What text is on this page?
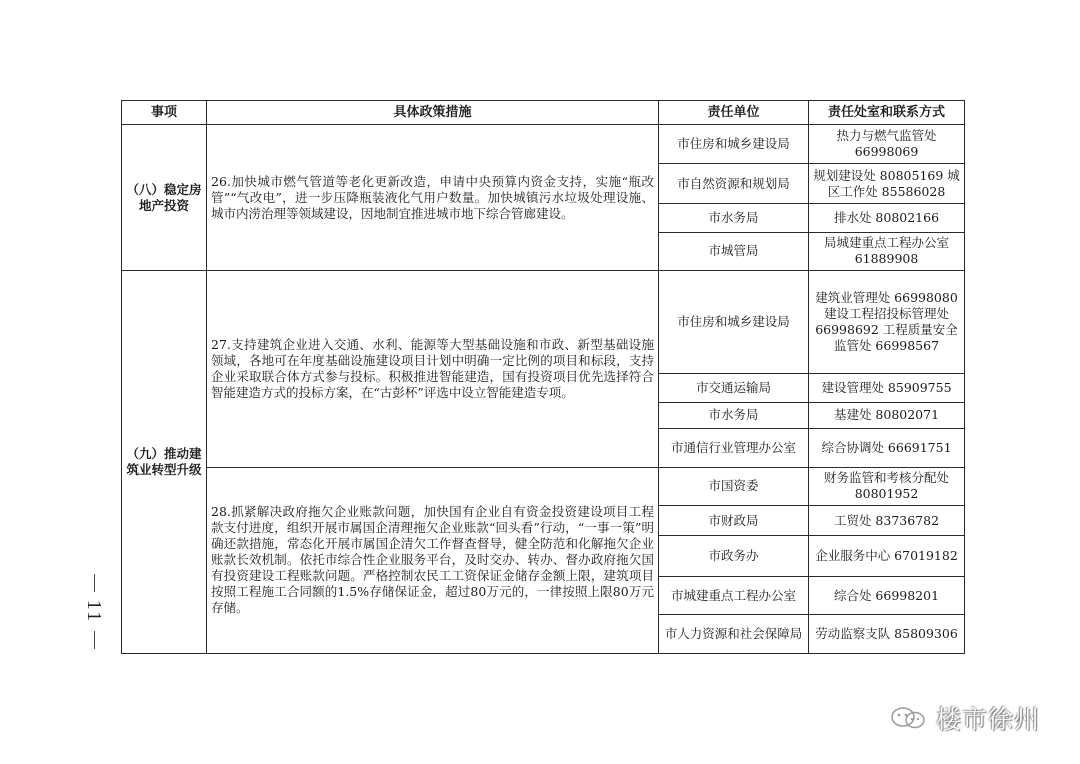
事项	具体政策措施	责任单位	责任处室和联系方式
（八）稳定房地产投资	26.加快城市燃气管道等老化更新改造，申请中央预算内资金支持，实施“瓶改管”“气改电”，进一步压降瓶装液化气用户数量。加快城镇污水垃圾处理设施、城市内涝治理等领域建设，因地制宜推进城市地下综合管廊建设。	市住房和城乡建设局	热力与燃气监管处 66998069
		市自然资源和规划局	规划建设处 80805169 城区工作处 85586028
		市水务局	排水处 80802166
		市城管局	局城建重点工程办公室 61889908
（九）推动建筑业转型升级	27.支持建筑企业进入交通、水利、能源等大型基础设施和市政、新型基础设施领域，各地可在年度基础设施建设项目计划中明确一定比例的项目和标段，支持企业采取联合体方式参与投标。积极推进智能建造，国有投资项目优先选择符合智能建造方式的投标方案，在“古彭杯”评选中设立智能建造专项。	市住房和城乡建设局	建筑业管理处 66998080 建设工程招投标管理处 66998692 工程质量安全监管处 66998567
		市交通运输局	建设管理处 85909755
		市水务局	基建处 80802071
		市通信行业管理办公室	综合协调处 66691751
	28.抓紧解决政府拖欠企业账款问题，加快国有企业自有资金投资建设项目工程款支付进度，组织开展市属国企清理拖欠企业账款“回头看”行动，“一事一策”明确还款措施，常态化开展市属国企清欠工作督查督导，健全防范和化解拖欠企业账款长效机制。依托市综合性企业服务平台，及时交办、转办、督办政府拖欠国有投资建设工程账款问题。严格控制农民工工资保证金储存金额上限，建筑项目按照工程施工合同额的1.5%存储保证金，超过80万元的，一律按照上限80万元存储。	市国资委	财务监管和考核分配处 80801952
		市财政局	工贸处 83736782
		市政务办	企业服务中心 67019182
		市城建重点工程办公室	综合处 66998201
		市人力资源和社会保障局	劳动监察支队 85809306
11
楼市徐州
